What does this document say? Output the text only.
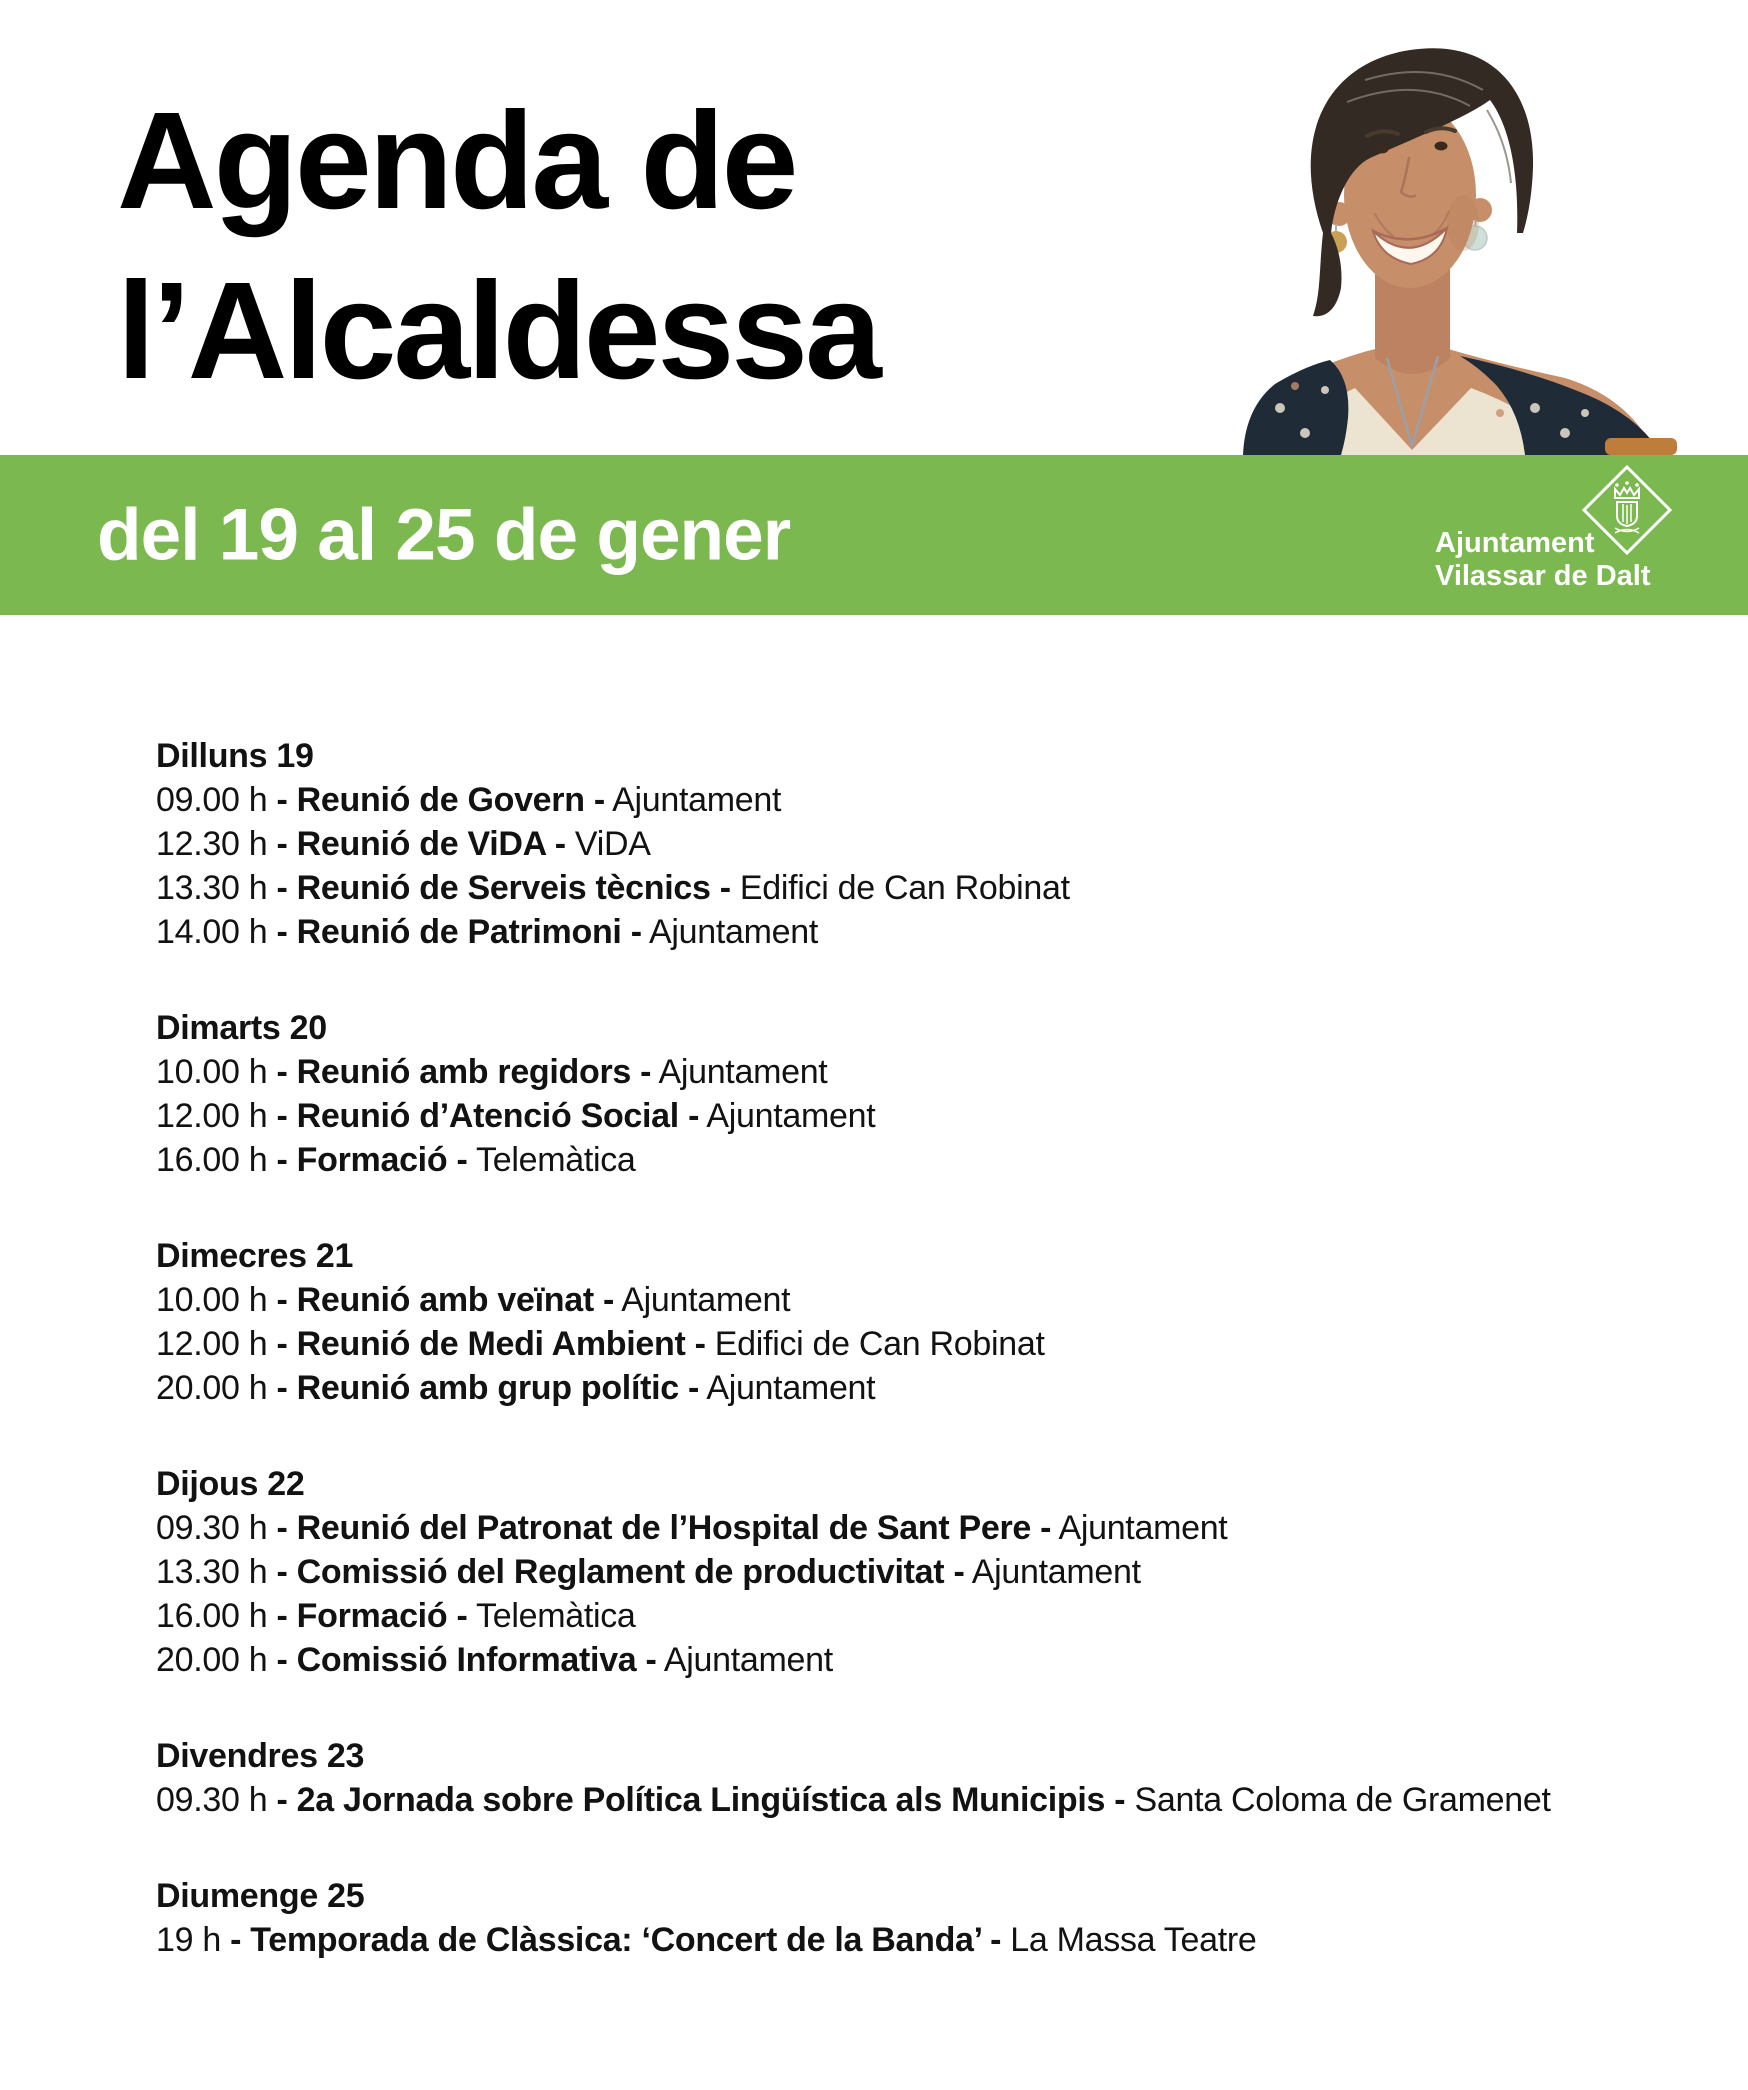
Agenda de
l’Alcaldessa
del 19 al 25 de gener	Ajuntament
Vilassar de Dalt
Dilluns 19
09.00 h - Reunió de Govern - Ajuntament
12.30 h - Reunió de ViDA - ViDA
13.30 h - Reunió de Serveis tècnics - Edifici de Can Robinat
14.00 h - Reunió de Patrimoni - Ajuntament
Dimarts 20
10.00 h - Reunió amb regidors - Ajuntament
12.00 h - Reunió d’Atenció Social - Ajuntament
16.00 h - Formació - Telemàtica
Dimecres 21
10.00 h - Reunió amb veïnat - Ajuntament
12.00 h - Reunió de Medi Ambient - Edifici de Can Robinat
20.00 h - Reunió amb grup polític - Ajuntament
Dijous 22
09.30 h - Reunió del Patronat de l’Hospital de Sant Pere - Ajuntament
13.30 h - Comissió del Reglament de productivitat - Ajuntament
16.00 h - Formació - Telemàtica
20.00 h - Comissió Informativa - Ajuntament
Divendres 23
09.30 h - 2a Jornada sobre Política Lingüística als Municipis - Santa Coloma de Gramenet
Diumenge 25
19 h - Temporada de Clàssica: ‘Concert de la Banda’ - La Massa Teatre
